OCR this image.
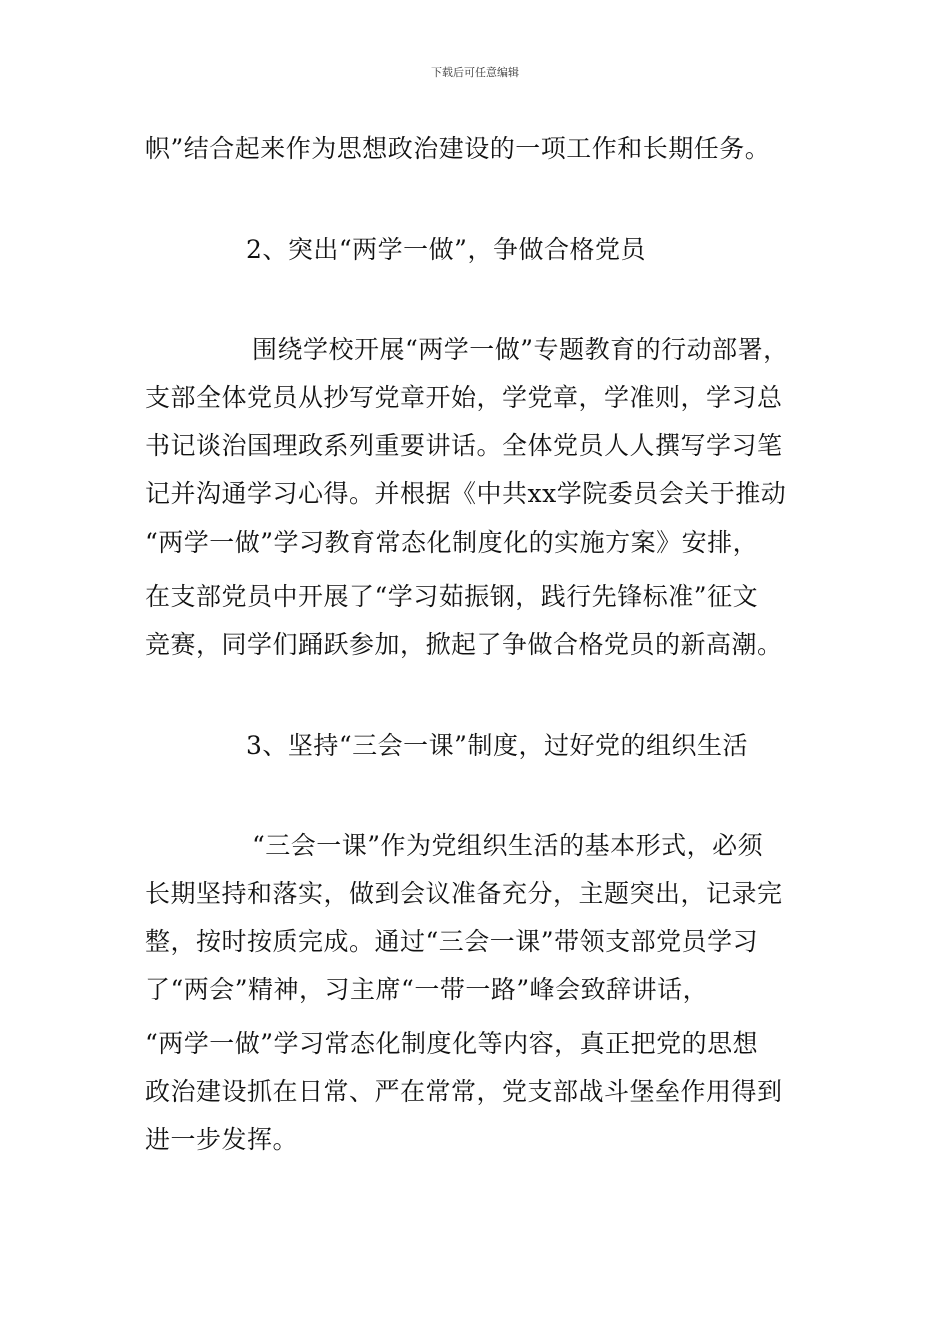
下载后可任意编辑
帜”结合起来作为思想政治建设的一项工作和长期任务。
2、突出“两学一做”，争做合格党员
围绕学校开展“两学一做”专题教育的行动部署，
支部全体党员从抄写党章开始，学党章，学准则，学习总
书记谈治国理政系列重要讲话。全体党员人人撰写学习笔
记并沟通学习心得。并根据《中共xx学院委员会关于推动
“两学一做”学习教育常态化制度化的实施方案》安排，
在支部党员中开展了“学习茹振钢，践行先锋标准”征文
竞赛，同学们踊跃参加，掀起了争做合格党员的新高潮。
3、坚持“三会一课”制度，过好党的组织生活
“三会一课”作为党组织生活的基本形式，必须
长期坚持和落实，做到会议准备充分，主题突出，记录完
整，按时按质完成。通过“三会一课”带领支部党员学习
了“两会”精神，习主席“一带一路”峰会致辞讲话，
“两学一做”学习常态化制度化等内容，真正把党的思想
政治建设抓在日常、严在常常，党支部战斗堡垒作用得到
进一步发挥。
